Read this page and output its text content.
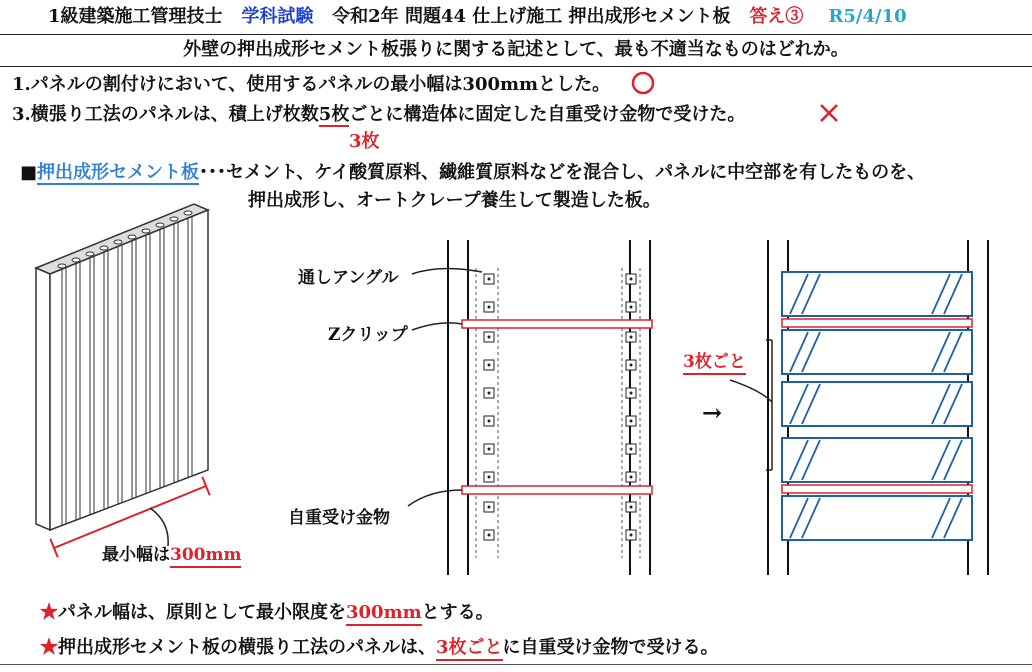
1級建築施工管理技士 学科試験 令和2年 問題44 仕上げ施工 押出成形セメント板 答え③ R5/4/10
外壁の押出成形セメント板張りに関する記述として、最も不適当なものはどれか。
1.パネルの割付けにおいて、使用するパネルの最小幅は300mmとした。
3.横張り工法のパネルは、積上げ枚数5枚ごとに構造体に固定した自重受け金物で受けた。
3枚
■押出成形セメント板･･･セメント、ケイ酸質原料、繊維質原料などを混合し、パネルに中空部を有したものを、
押出成形し、オートクレープ養生して製造した板。
最小幅は300mm
通しアングル
Zクリップ
自重受け金物
→
3枚ごと
★パネル幅は、原則として最小限度を300mmとする。
★押出成形セメント板の横張り工法のパネルは、3枚ごとに自重受け金物で受ける。
